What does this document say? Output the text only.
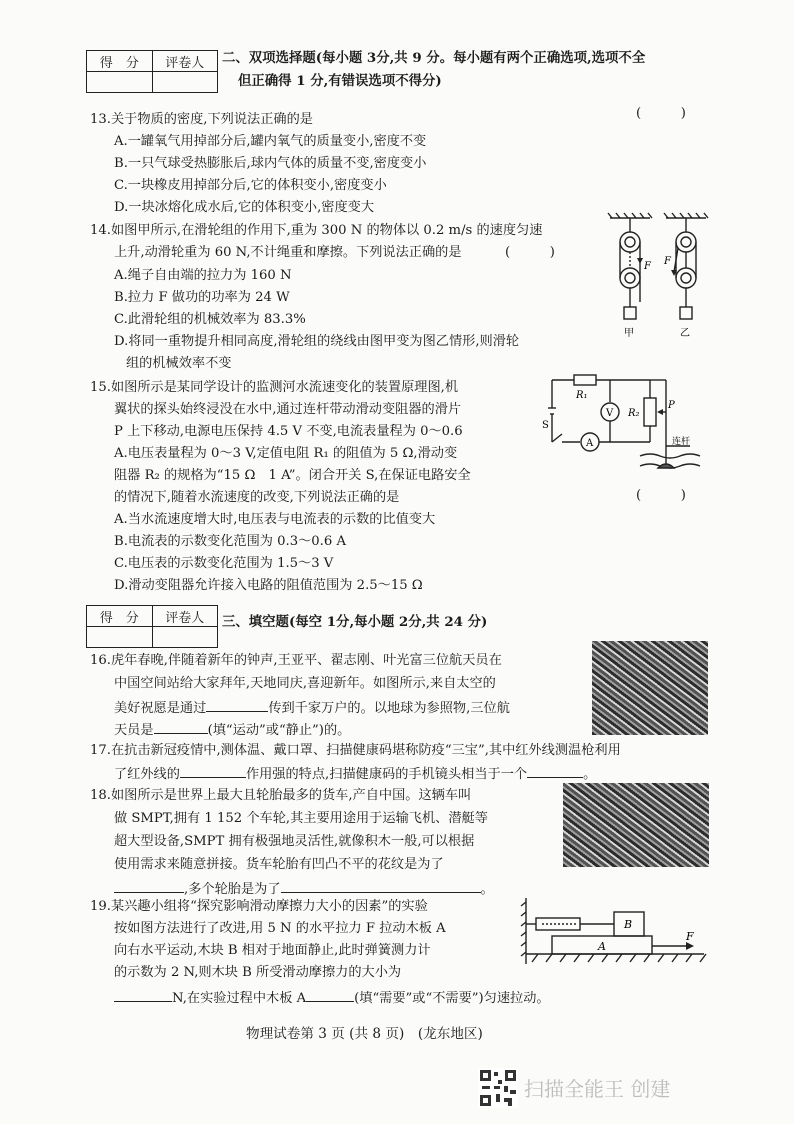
得　分	评卷人
	二、双项选择题(每小题 3分,共 9 分。每小题有两个正确选项,选项不全
但正确得 1 分,有错误选项不得分)
13.关于物质的密度,下列说法正确的是	(　　　)
A.一罐氧气用掉部分后,罐内氧气的质量变小,密度不变
B.一只气球受热膨胀后,球内气体的质量不变,密度变小
C.一块橡皮用掉部分后,它的体积变小,密度变小
D.一块冰熔化成水后,它的体积变小,密度变大
14.如图甲所示,在滑轮组的作用下,重为 300 N 的物体以 0.2 m/s 的速度匀速
上升,动滑轮重为 60 N,不计绳重和摩擦。下列说法正确的是	(　　　)
A.绳子自由端的拉力为 160 N
B.拉力 F 做功的功率为 24 W
C.此滑轮组的机械效率为 83.3%
D.将同一重物提升相同高度,滑轮组的绕线由图甲变为图乙情形,则滑轮
组的机械效率不变
F F
甲	乙
15.如图所示是某同学设计的监测河水流速变化的装置原理图,机
翼状的探头始终浸没在水中,通过连杆带动滑动变阻器的滑片
P 上下移动,电源电压保持 4.5 V 不变,电流表量程为 0～0.6
A.电压表量程为 0～3 V,定值电阻 R₁ 的阻值为 5 Ω,滑动变
阻器 R₂ 的规格为“15 Ω　1 A”。闭合开关 S,在保证电路安全
的情况下,随着水流速度的改变,下列说法正确的是	(　　　)
A.当水流速度增大时,电压表与电流表的示数的比值变大
B.电流表的示数变化范围为 0.3～0.6 A
C.电压表的示数变化范围为 1.5～3 V
D.滑动变阻器允许接入电路的阻值范围为 2.5～15 Ω
R₁
R₂
V
A
S
P
连杆
得　分	评卷人
	三、填空题(每空 1分,每小题 2分,共 24 分)
16.虎年春晚,伴随着新年的钟声,王亚平、翟志刚、叶光富三位航天员在
中国空间站给大家拜年,天地同庆,喜迎新年。如图所示,来自太空的
美好祝愿是通过	传到千家万户的。以地球为参照物,三位航
天员是	(填“运动”或“静止”)的。
17.在抗击新冠疫情中,测体温、戴口罩、扫描健康码堪称防疫“三宝”,其中红外线测温枪利用
了红外线的	作用强的特点,扫描健康码的手机镜头相当于一个	。
18.如图所示是世界上最大且轮胎最多的货车,产自中国。这辆车叫
做 SMPT,拥有 1 152 个车轮,其主要用途用于运输飞机、潜艇等
超大型设备,SMPT 拥有极强地灵活性,就像积木一般,可以根据
使用需求来随意拼接。货车轮胎有凹凸不平的花纹是为了
,多个轮胎是为了	。
19.某兴趣小组将“探究影响滑动摩擦力大小的因素”的实验
按如图方法进行了改进,用 5 N 的水平拉力 F 拉动木板 A
向右水平运动,木块 B 相对于地面静止,此时弹簧测力计
的示数为 2 N,则木块 B 所受滑动摩擦力的大小为
N,在实验过程中木板 A	(填“需要”或“不需要”)匀速拉动。
B
A
F
物理试卷第 3 页 (共 8 页)　(龙东地区)
扫描全能王 创建
